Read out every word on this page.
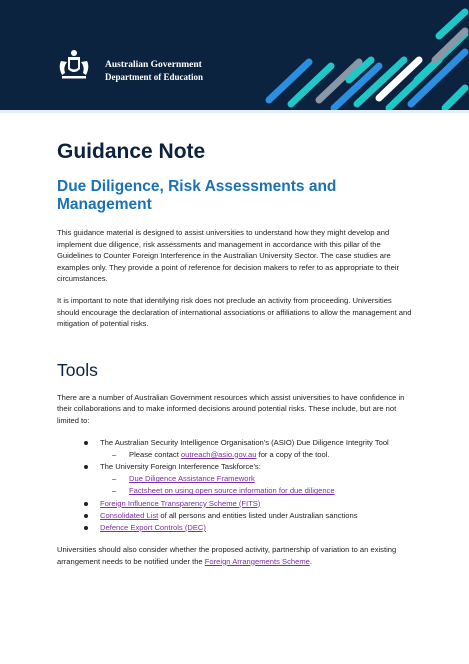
Australian Government
Department of Education
Guidance Note
Due Diligence, Risk Assessments and Management

This guidance material is designed to assist universities to understand how they might develop and implement due diligence, risk assessments and management in accordance with this pillar of the Guidelines to Counter Foreign Interference in the Australian University Sector. The case studies are examples only. They provide a point of reference for decision makers to refer to as appropriate to their circumstances.

It is important to note that identifying risk does not preclude an activity from proceeding. Universities should encourage the declaration of international associations or affiliations to allow the management and mitigation of potential risks.

Tools

There are a number of Australian Government resources which assist universities to have confidence in their collaborations and to make informed decisions around potential risks. These include, but are not limited to:

The Australian Security Intelligence Organisation's (ASIO) Due Diligence Integrity Tool
– Please contact outreach@asio.gov.au for a copy of the tool.
The University Foreign Interference Taskforce's:
– Due Diligence Assistance Framework
– Factsheet on using open source information for due diligence
Foreign Influence Transparency Scheme (FITS)
Consolidated List of all persons and entities listed under Australian sanctions
Defence Export Controls (DEC)

Universities should also consider whether the proposed activity, partnership of variation to an existing arrangement needs to be notified under the Foreign Arrangements Scheme.
